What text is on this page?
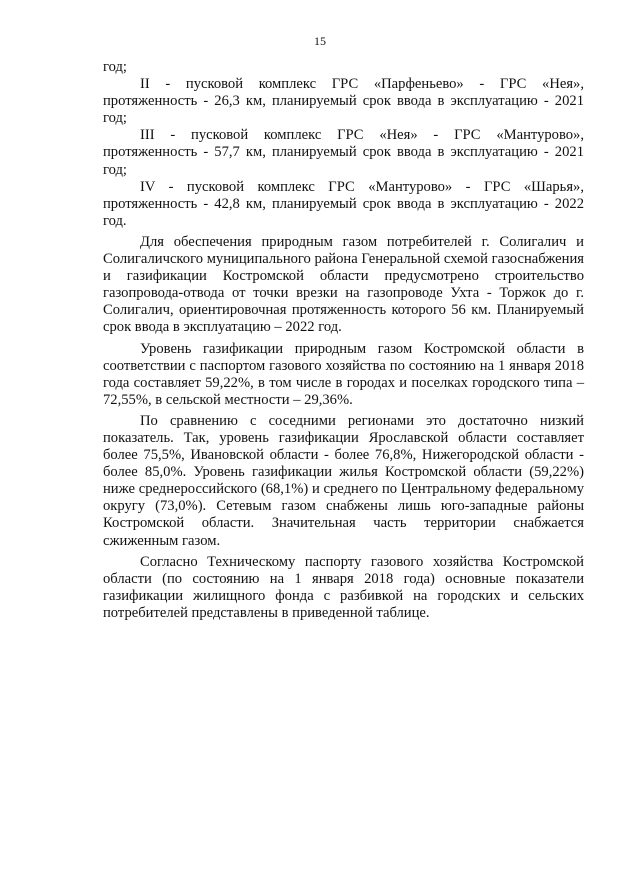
15

год;

II - пусковой комплекс ГРС «Парфеньево» - ГРС «Нея», протяженность - 26,3 км, планируемый срок ввода в эксплуатацию - 2021 год;

III - пусковой комплекс ГРС «Нея» - ГРС «Мантурово», протяженность - 57,7 км, планируемый срок ввода в эксплуатацию - 2021 год;

IV - пусковой комплекс ГРС «Мантурово» - ГРС «Шарья», протяженность - 42,8 км, планируемый срок ввода в эксплуатацию - 2022 год.

Для обеспечения природным газом потребителей г. Солигалич и Солигаличского муниципального района Генеральной схемой газоснабжения и газификации Костромской области предусмотрено строительство газопровода-отвода от точки врезки на газопроводе Ухта - Торжок до г. Солигалич, ориентировочная протяженность которого 56 км. Планируемый срок ввода в эксплуатацию – 2022 год.

Уровень газификации природным газом Костромской области в соответствии с паспортом газового хозяйства по состоянию на 1 января 2018 года составляет 59,22%, в том числе в городах и поселках городского типа – 72,55%, в сельской местности – 29,36%.

По сравнению с соседними регионами это достаточно низкий показатель. Так, уровень газификации Ярославской области составляет более 75,5%, Ивановской области - более 76,8%, Нижегородской области - более 85,0%. Уровень газификации жилья Костромской области (59,22%) ниже среднероссийского (68,1%) и среднего по Центральному федеральному округу (73,0%). Сетевым газом снабжены лишь юго-западные районы Костромской области. Значительная часть территории снабжается сжиженным газом.

Согласно Техническому паспорту газового хозяйства Костромской области (по состоянию на 1 января 2018 года) основные показатели газификации жилищного фонда с разбивкой на городских и сельских потребителей представлены в приведенной таблице.
